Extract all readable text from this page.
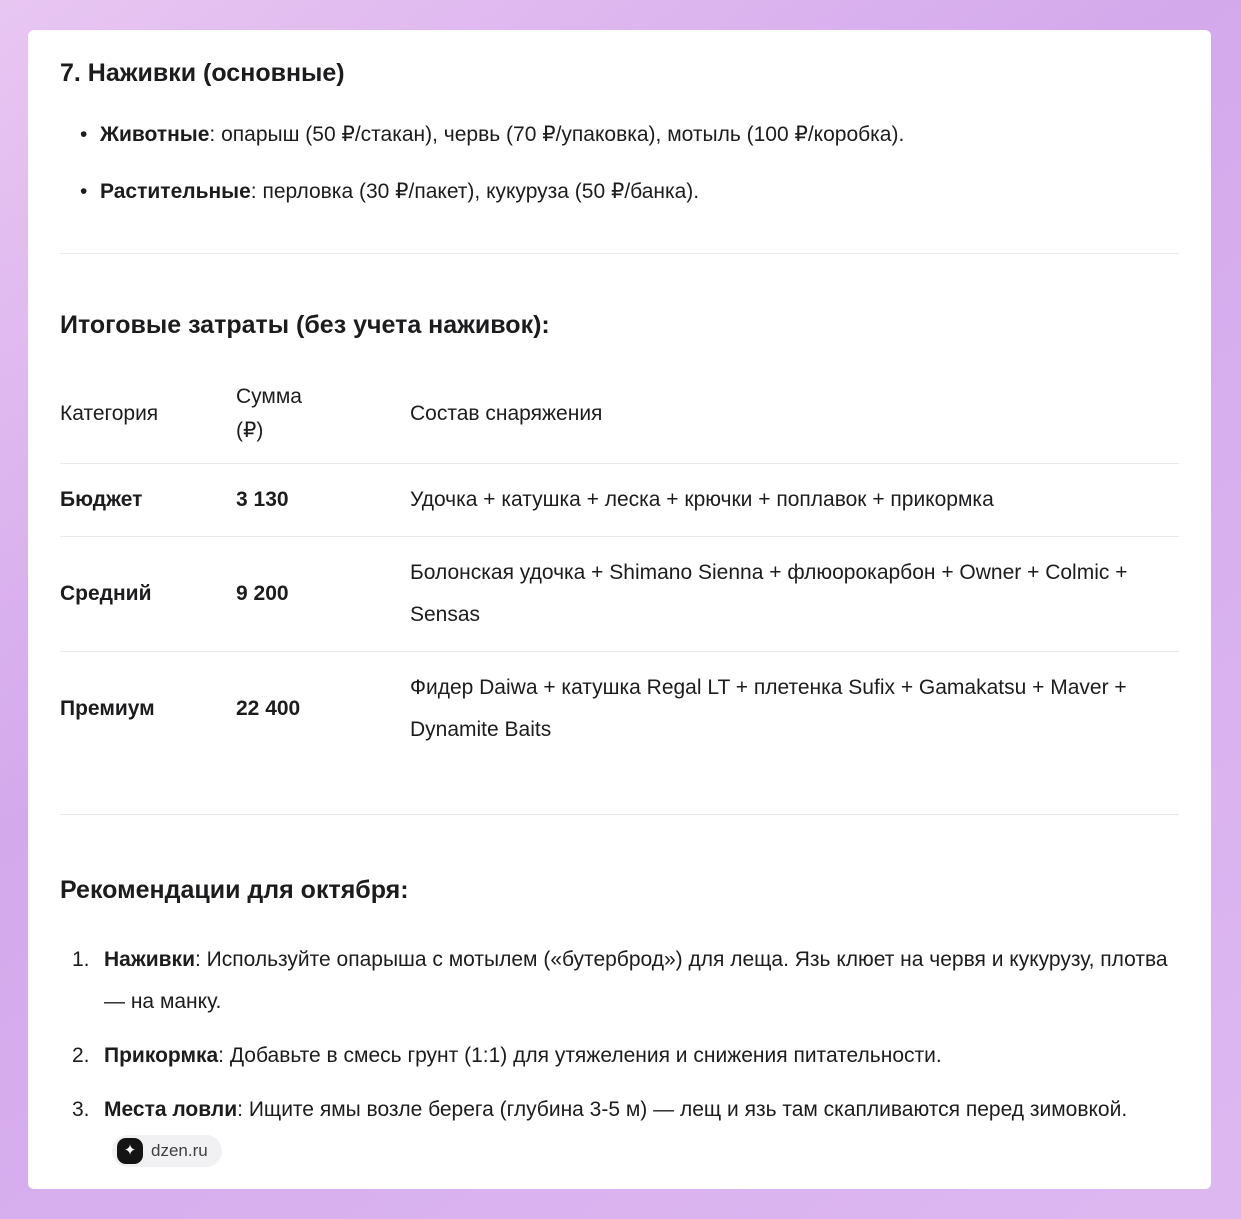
7. Наживки (основные)
• Животные: опарыш (50 ₽/стакан), червь (70 ₽/упаковка), мотыль (100 ₽/коробка).
• Растительные: перловка (30 ₽/пакет), кукуруза (50 ₽/банка).
Итоговые затраты (без учета наживок):
Категория	Сумма (₽)	Состав снаряжения
Бюджет	3 130	Удочка + катушка + леска + крючки + поплавок + прикормка
Средний	9 200	Болонская удочка + Shimano Sienna + флюорокарбон + Owner + Colmic + Sensas
Премиум	22 400	Фидер Daiwa + катушка Regal LT + плетенка Sufix + Gamakatsu + Maver + Dynamite Baits
Рекомендации для октября:
1. Наживки: Используйте опарыша с мотылем («бутерброд») для леща. Язь клюет на червя и кукурузу, плотва — на манку.
2. Прикормка: Добавьте в смесь грунт (1:1) для утяжеления и снижения питательности.
3. Места ловли: Ищите ямы возле берега (глубина 3-5 м) — лещ и язь там скапливаются перед зимовкой.
✦ dzen.ru
